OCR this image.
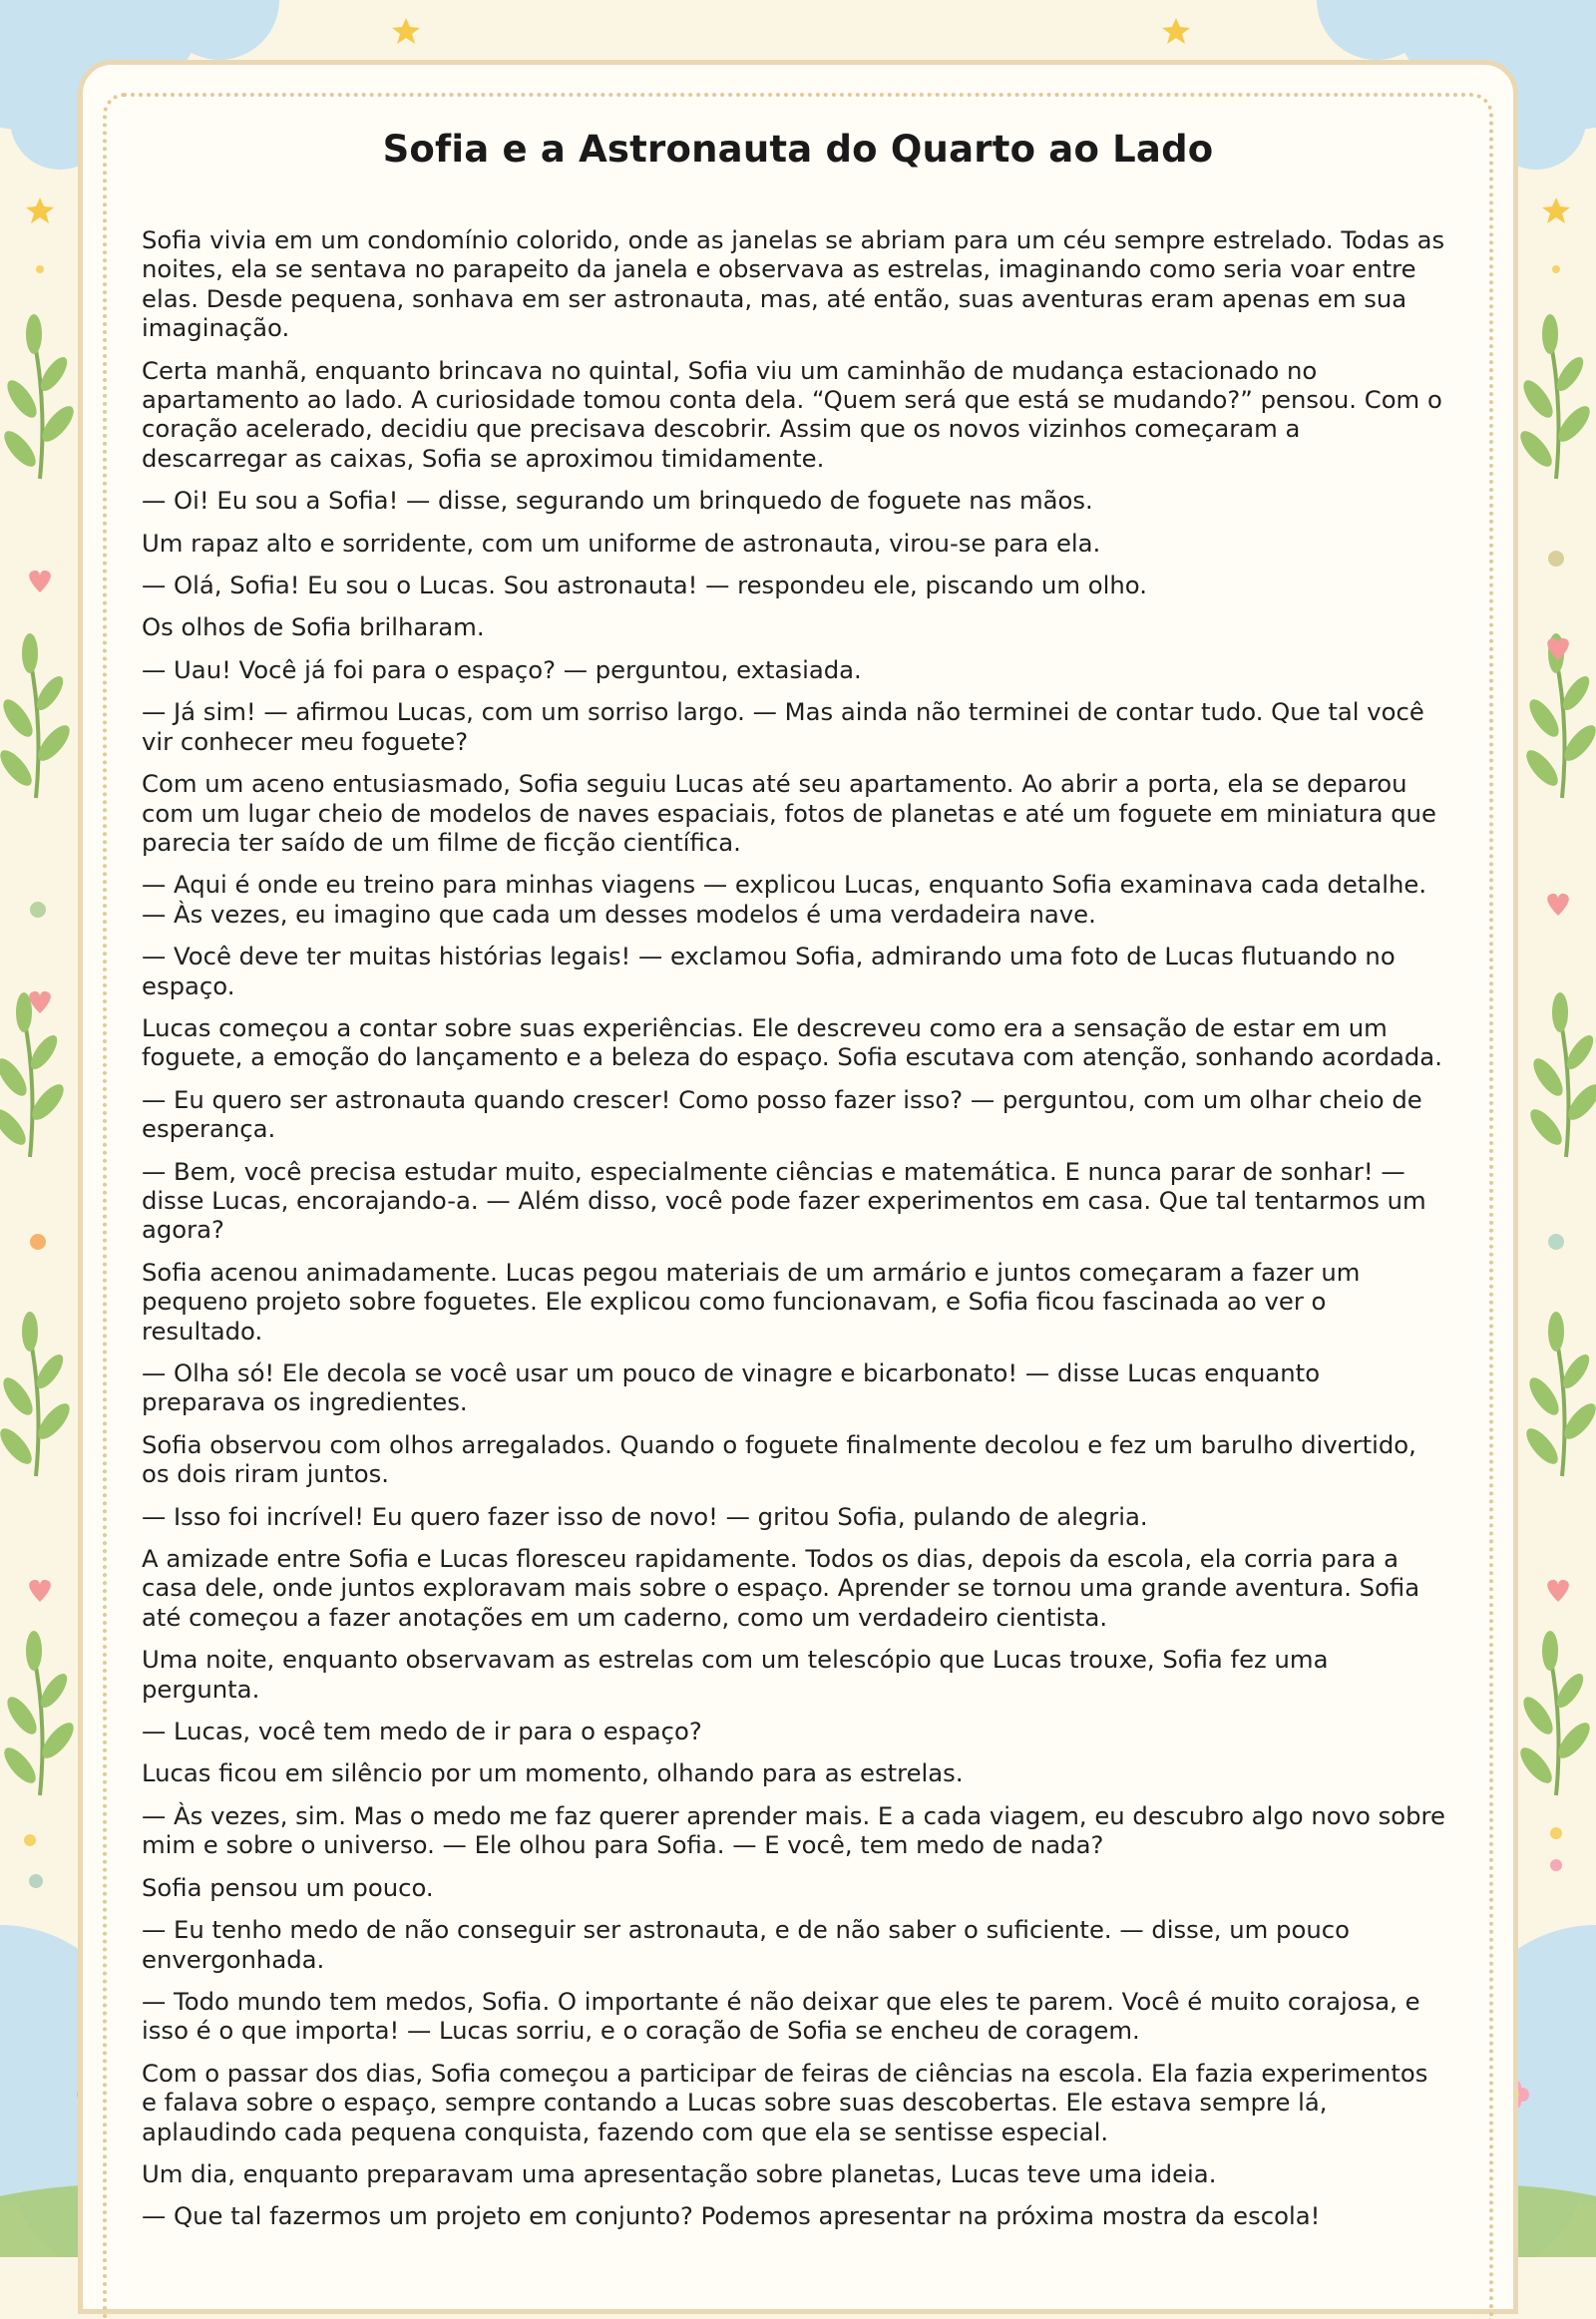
Sofia e a Astronauta do Quarto ao Lado

Sofia vivia em um condomínio colorido, onde as janelas se abriam para um céu sempre estrelado. Todas as noites, ela se sentava no parapeito da janela e observava as estrelas, imaginando como seria voar entre elas. Desde pequena, sonhava em ser astronauta, mas, até então, suas aventuras eram apenas em sua imaginação.

Certa manhã, enquanto brincava no quintal, Sofia viu um caminhão de mudança estacionado no apartamento ao lado. A curiosidade tomou conta dela. “Quem será que está se mudando?” pensou. Com o coração acelerado, decidiu que precisava descobrir. Assim que os novos vizinhos começaram a descarregar as caixas, Sofia se aproximou timidamente.

— Oi! Eu sou a Sofia! — disse, segurando um brinquedo de foguete nas mãos.

Um rapaz alto e sorridente, com um uniforme de astronauta, virou-se para ela.

— Olá, Sofia! Eu sou o Lucas. Sou astronauta! — respondeu ele, piscando um olho.

Os olhos de Sofia brilharam.

— Uau! Você já foi para o espaço? — perguntou, extasiada.

— Já sim! — afirmou Lucas, com um sorriso largo. — Mas ainda não terminei de contar tudo. Que tal você vir conhecer meu foguete?

Com um aceno entusiasmado, Sofia seguiu Lucas até seu apartamento. Ao abrir a porta, ela se deparou com um lugar cheio de modelos de naves espaciais, fotos de planetas e até um foguete em miniatura que parecia ter saído de um filme de ficção científica.

— Aqui é onde eu treino para minhas viagens — explicou Lucas, enquanto Sofia examinava cada detalhe. — Às vezes, eu imagino que cada um desses modelos é uma verdadeira nave.

— Você deve ter muitas histórias legais! — exclamou Sofia, admirando uma foto de Lucas flutuando no espaço.

Lucas começou a contar sobre suas experiências. Ele descreveu como era a sensação de estar em um foguete, a emoção do lançamento e a beleza do espaço. Sofia escutava com atenção, sonhando acordada.

— Eu quero ser astronauta quando crescer! Como posso fazer isso? — perguntou, com um olhar cheio de esperança.

— Bem, você precisa estudar muito, especialmente ciências e matemática. E nunca parar de sonhar! — disse Lucas, encorajando-a. — Além disso, você pode fazer experimentos em casa. Que tal tentarmos um agora?

Sofia acenou animadamente. Lucas pegou materiais de um armário e juntos começaram a fazer um pequeno projeto sobre foguetes. Ele explicou como funcionavam, e Sofia ficou fascinada ao ver o resultado.

— Olha só! Ele decola se você usar um pouco de vinagre e bicarbonato! — disse Lucas enquanto preparava os ingredientes.

Sofia observou com olhos arregalados. Quando o foguete finalmente decolou e fez um barulho divertido, os dois riram juntos.

— Isso foi incrível! Eu quero fazer isso de novo! — gritou Sofia, pulando de alegria.

A amizade entre Sofia e Lucas floresceu rapidamente. Todos os dias, depois da escola, ela corria para a casa dele, onde juntos exploravam mais sobre o espaço. Aprender se tornou uma grande aventura. Sofia até começou a fazer anotações em um caderno, como um verdadeiro cientista.

Uma noite, enquanto observavam as estrelas com um telescópio que Lucas trouxe, Sofia fez uma pergunta.

— Lucas, você tem medo de ir para o espaço?

Lucas ficou em silêncio por um momento, olhando para as estrelas.

— Às vezes, sim. Mas o medo me faz querer aprender mais. E a cada viagem, eu descubro algo novo sobre mim e sobre o universo. — Ele olhou para Sofia. — E você, tem medo de nada?

Sofia pensou um pouco.

— Eu tenho medo de não conseguir ser astronauta, e de não saber o suficiente. — disse, um pouco envergonhada.

— Todo mundo tem medos, Sofia. O importante é não deixar que eles te parem. Você é muito corajosa, e isso é o que importa! — Lucas sorriu, e o coração de Sofia se encheu de coragem.

Com o passar dos dias, Sofia começou a participar de feiras de ciências na escola. Ela fazia experimentos e falava sobre o espaço, sempre contando a Lucas sobre suas descobertas. Ele estava sempre lá, aplaudindo cada pequena conquista, fazendo com que ela se sentisse especial.

Um dia, enquanto preparavam uma apresentação sobre planetas, Lucas teve uma ideia.

— Que tal fazermos um projeto em conjunto? Podemos apresentar na próxima mostra da escola!
